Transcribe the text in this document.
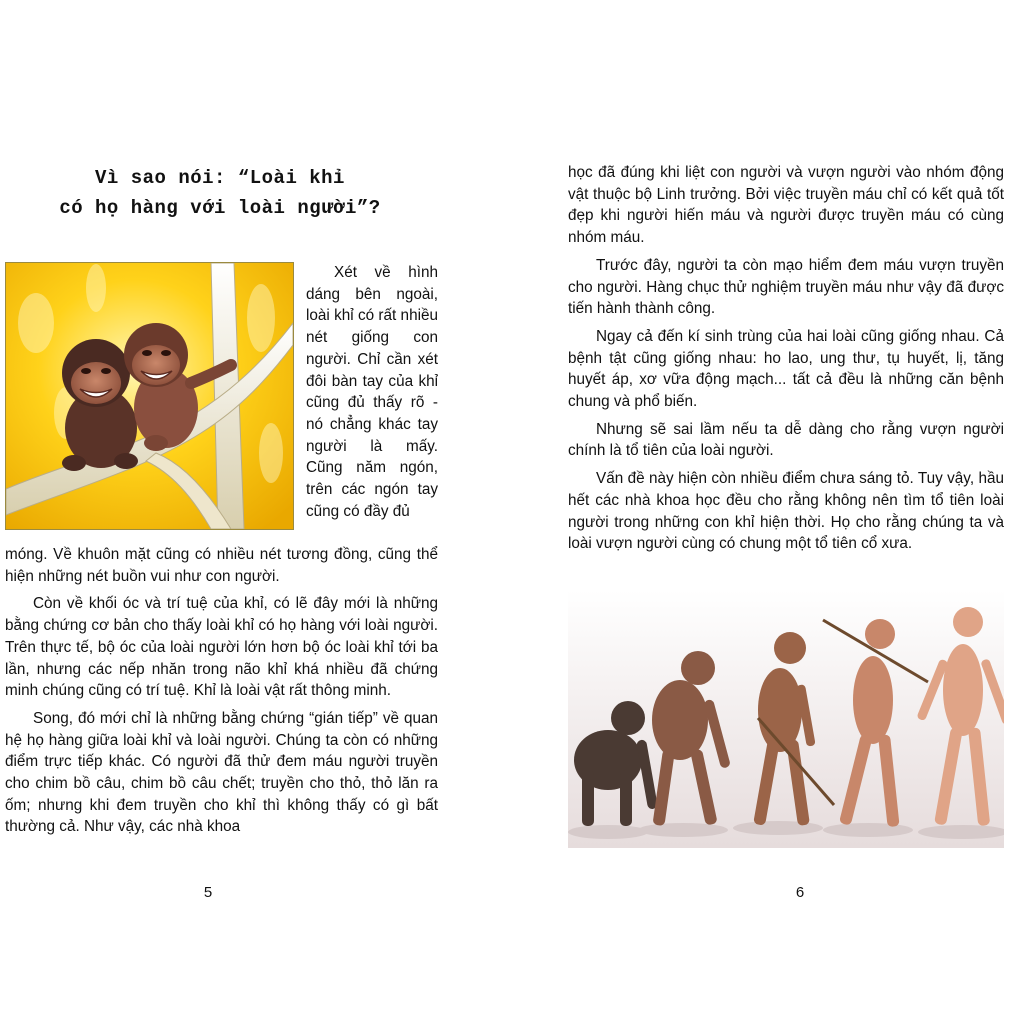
Vì sao nói: “Loài khỉ
có họ hàng với loài người”?

Xét về hình dáng bên ngoài, loài khỉ có rất nhiều nét giống con người. Chỉ cần xét đôi bàn tay của khỉ cũng đủ thấy rõ - nó chẳng khác tay người là mấy. Cũng năm ngón, trên các ngón tay cũng có đầy đủ

móng. Về khuôn mặt cũng có nhiều nét tương đồng, cũng thể hiện những nét buồn vui như con người.

Còn về khối óc và trí tuệ của khỉ, có lẽ đây mới là những bằng chứng cơ bản cho thấy loài khỉ có họ hàng với loài người. Trên thực tế, bộ óc của loài người lớn hơn bộ óc loài khỉ tới ba lần, nhưng các nếp nhăn trong não khỉ khá nhiều đã chứng minh chúng cũng có trí tuệ. Khỉ là loài vật rất thông minh.

Song, đó mới chỉ là những bằng chứng “gián tiếp” về quan hệ họ hàng giữa loài khỉ và loài người. Chúng ta còn có những điểm trực tiếp khác. Có người đã thử đem máu người truyền cho chim bồ câu, chim bồ câu chết; truyền cho thỏ, thỏ lăn ra ốm; nhưng khi đem truyền cho khỉ thì không thấy có gì bất thường cả. Như vậy, các nhà khoa

5

học đã đúng khi liệt con người và vượn người vào nhóm động vật thuộc bộ Linh trưởng. Bởi việc truyền máu chỉ có kết quả tốt đẹp khi người hiến máu và người được truyền máu có cùng nhóm máu.

Trước đây, người ta còn mạo hiểm đem máu vượn truyền cho người. Hàng chục thử nghiệm truyền máu như vậy đã được tiến hành thành công.

Ngay cả đến kí sinh trùng của hai loài cũng giống nhau. Cả bệnh tật cũng giống nhau: ho lao, ung thư, tụ huyết, lị, tăng huyết áp, xơ vữa động mạch... tất cả đều là những căn bệnh chung và phổ biến.

Nhưng sẽ sai lầm nếu ta dễ dàng cho rằng vượn người chính là tổ tiên của loài người.

Vấn đề này hiện còn nhiều điểm chưa sáng tỏ. Tuy vậy, hầu hết các nhà khoa học đều cho rằng không nên tìm tổ tiên loài người trong những con khỉ hiện thời. Họ cho rằng chúng ta và loài vượn người cùng có chung một tổ tiên cổ xưa.

6
